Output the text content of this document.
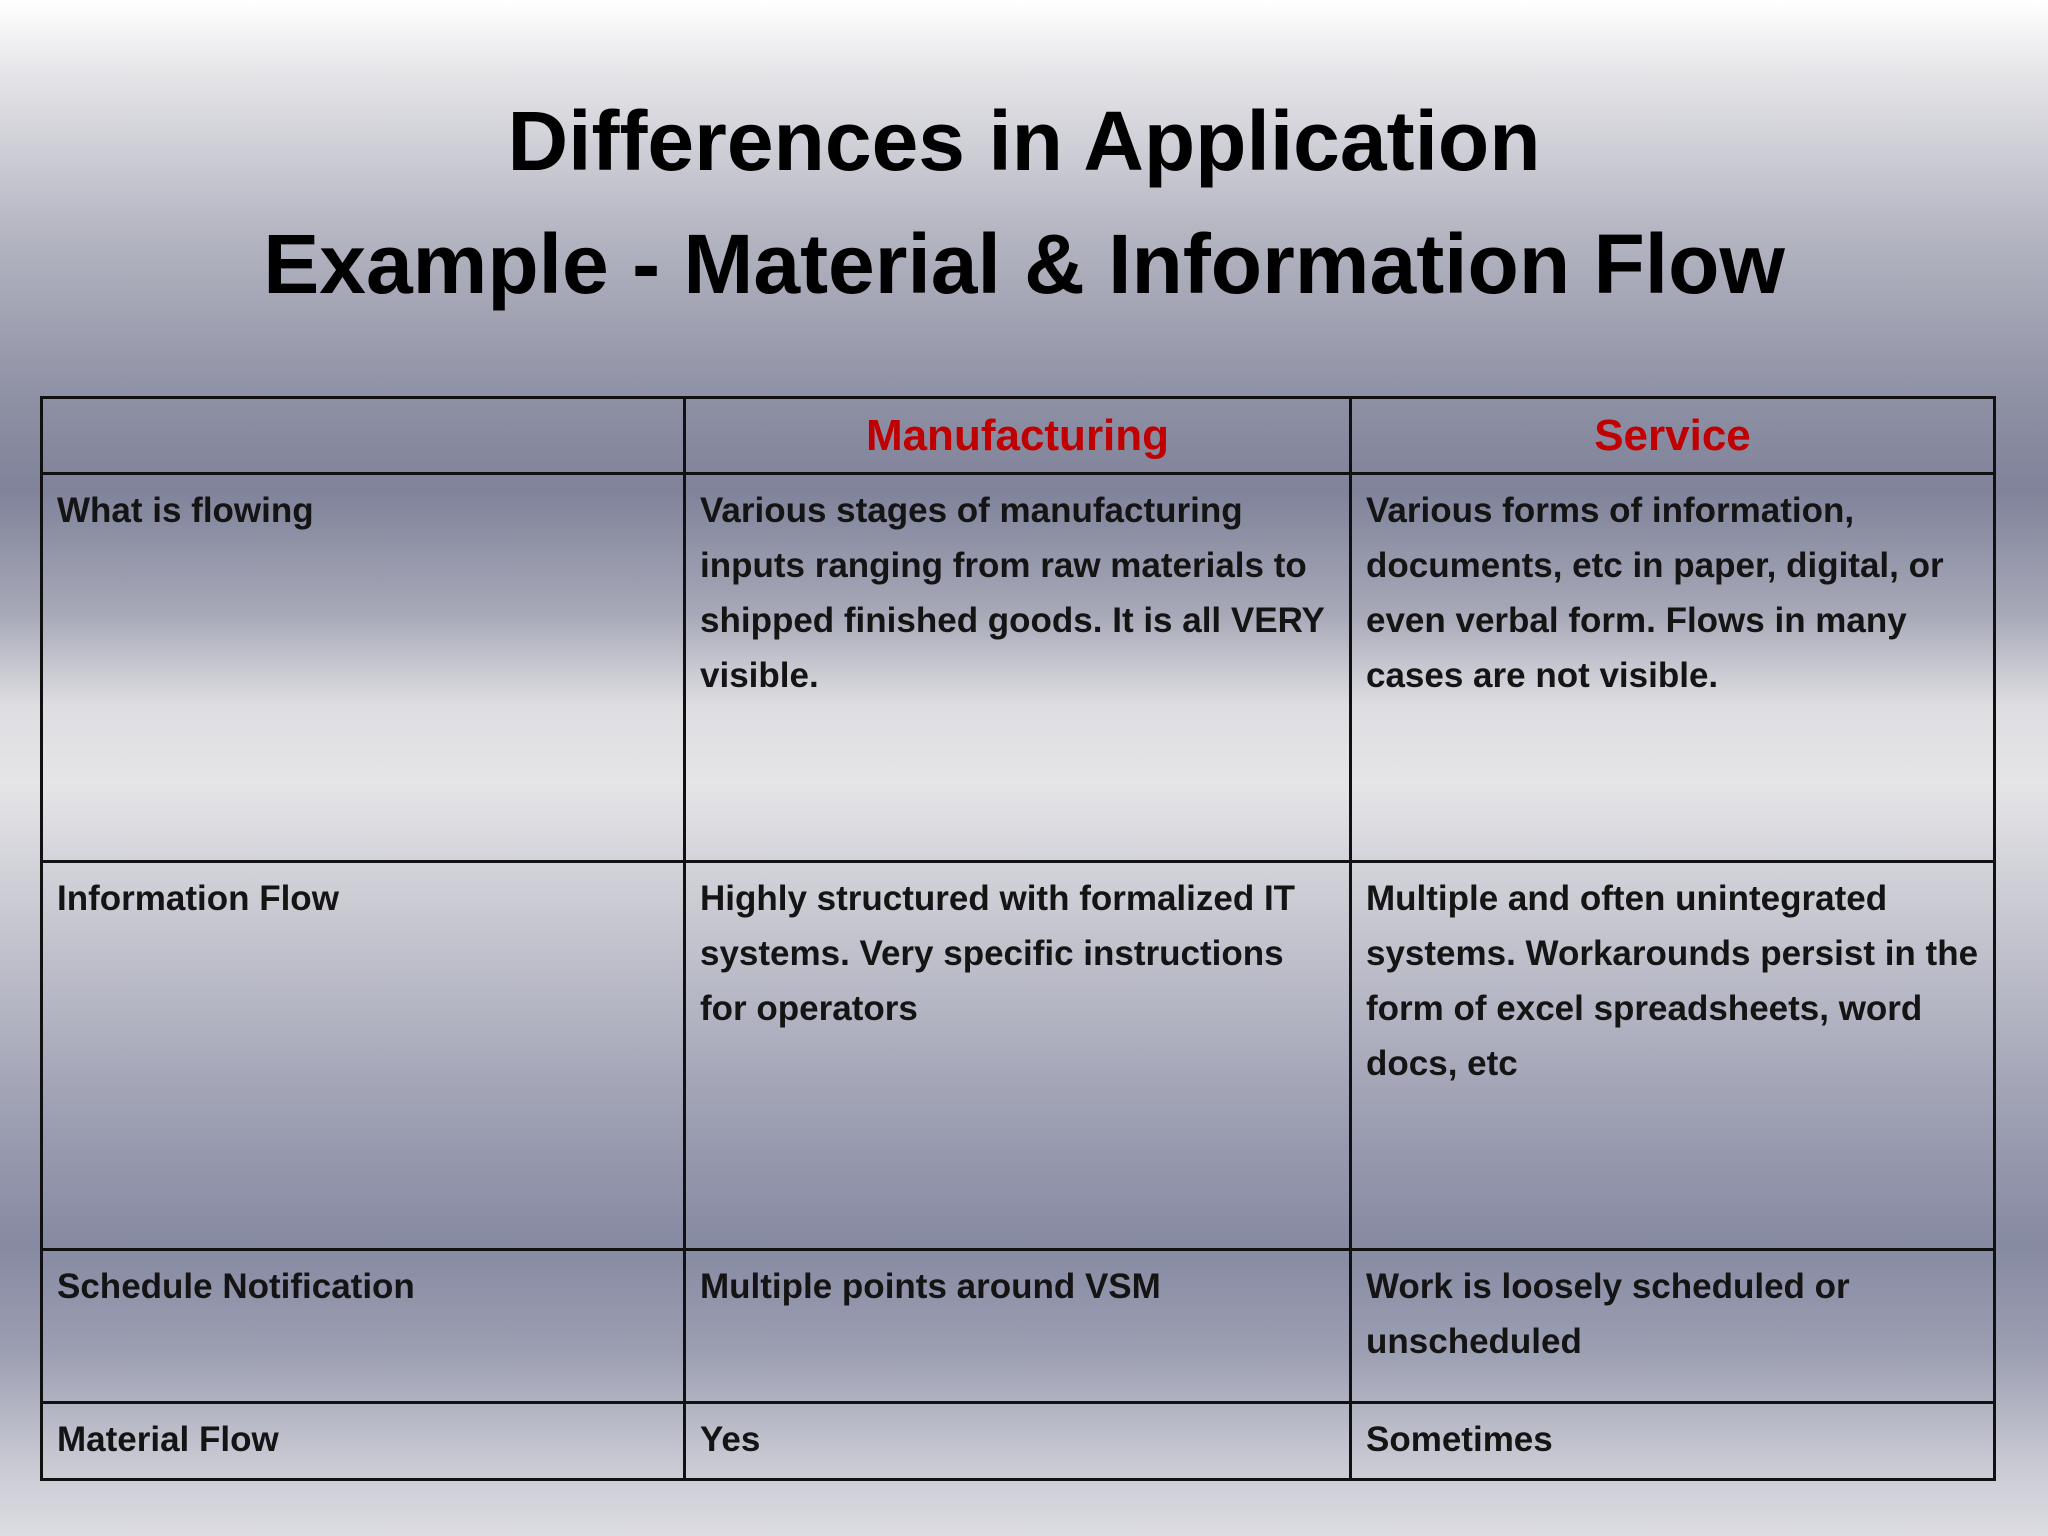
Differences in Application
Example - Material & Information Flow
	Manufacturing	Service
What is flowing	Various stages of manufacturing inputs ranging from raw materials to shipped finished goods. It is all VERY visible.	Various forms of information, documents, etc in paper, digital, or even verbal form. Flows in many cases are not visible.
Information Flow	Highly structured with formalized IT systems. Very specific instructions for operators	Multiple and often unintegrated systems. Workarounds persist in the form of excel spreadsheets, word docs, etc
Schedule Notification	Multiple points around VSM	Work is loosely scheduled or unscheduled
Material Flow	Yes	Sometimes
